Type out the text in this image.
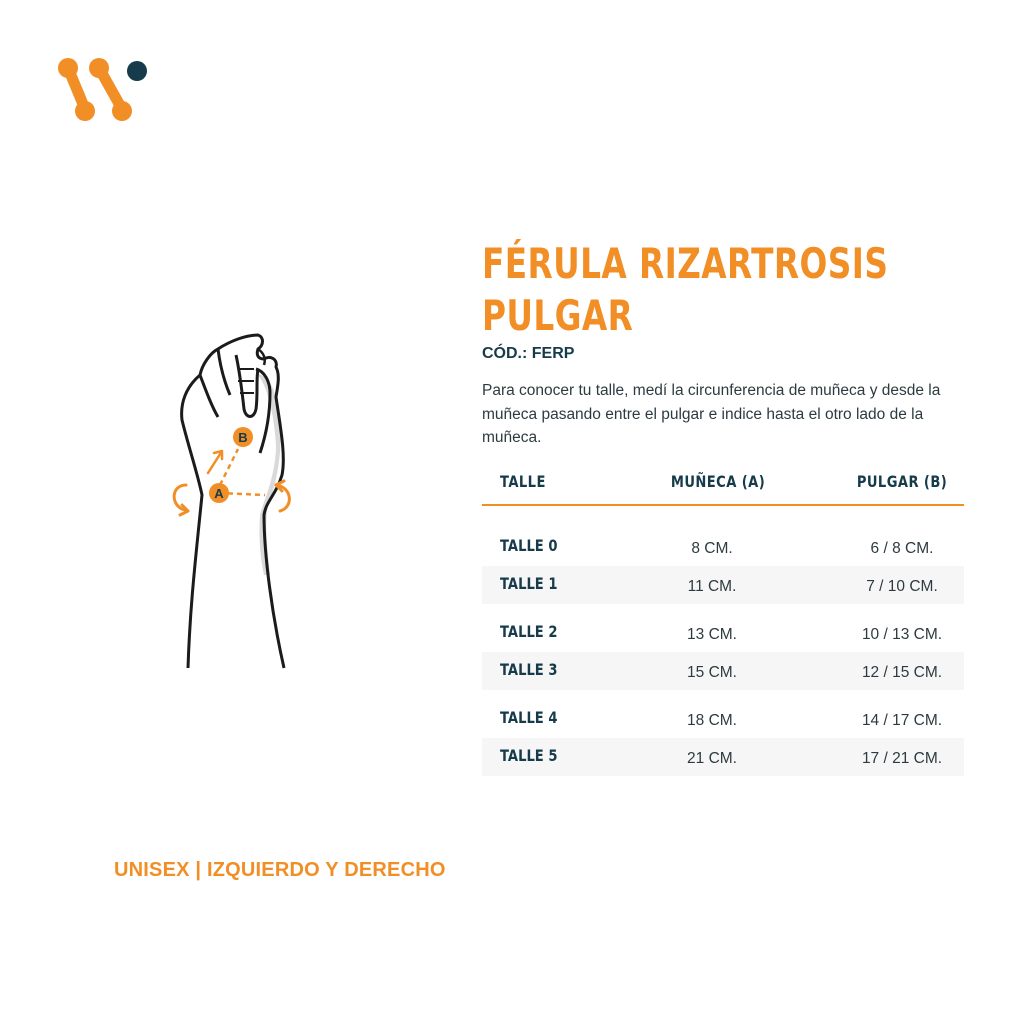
A
B
FÉRULA RIZARTROSIS
PULGAR
CÓD.: FERP

Para conocer tu talle, medí la circunferencia de muñeca y desde la muñeca pasando entre el pulgar e indice hasta el otro lado de la muñeca.

TALLE	MUÑECA (A)	PULGAR (B)
TALLE 0	8 CM.	6 / 8 CM.
TALLE 1	11 CM.	7 / 10 CM.
TALLE 2	13 CM.	10 / 13 CM.
TALLE 3	15 CM.	12 / 15 CM.
TALLE 4	18 CM.	14 / 17 CM.
TALLE 5	21 CM.	17 / 21 CM.
UNISEX | IZQUIERDO Y DERECHO
